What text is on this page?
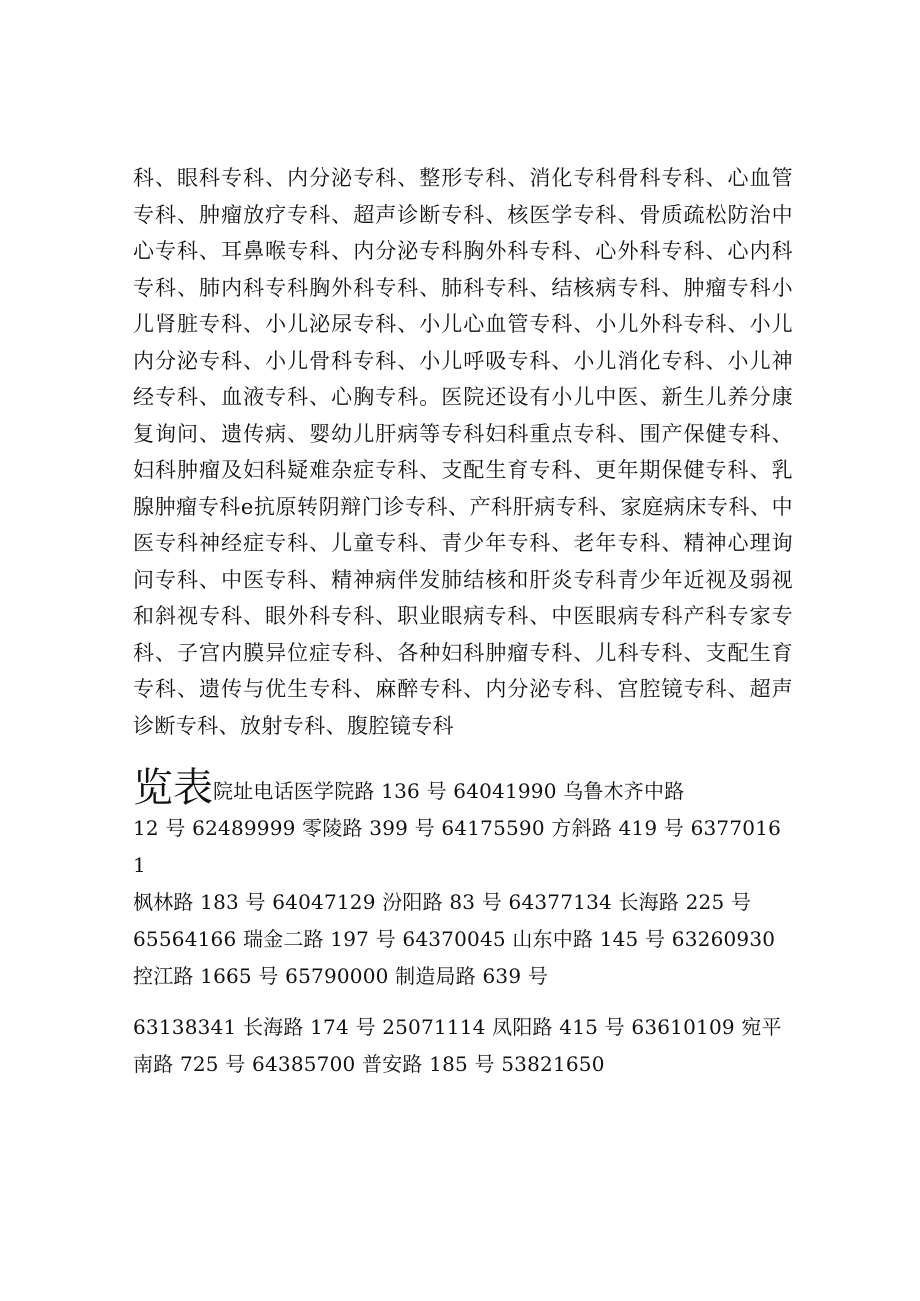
科、眼科专科、内分泌专科、整形专科、消化专科骨科专科、心血管专科、肿瘤放疗专科、超声诊断专科、核医学专科、骨质疏松防治中心专科、耳鼻喉专科、内分泌专科胸外科专科、心外科专科、心内科专科、肺内科专科胸外科专科、肺科专科、结核病专科、肿瘤专科小儿肾脏专科、小儿泌尿专科、小儿心血管专科、小儿外科专科、小儿内分泌专科、小儿骨科专科、小儿呼吸专科、小儿消化专科、小儿神经专科、血液专科、心胸专科。医院还设有小儿中医、新生儿养分康复询问、遗传病、婴幼儿肝病等专科妇科重点专科、围产保健专科、妇科肿瘤及妇科疑难杂症专科、支配生育专科、更年期保健专科、乳腺肿瘤专科e抗原转阴辩门诊专科、产科肝病专科、家庭病床专科、中医专科神经症专科、儿童专科、青少年专科、老年专科、精神心理询问专科、中医专科、精神病伴发肺结核和肝炎专科青少年近视及弱视和斜视专科、眼外科专科、职业眼病专科、中医眼病专科产科专家专科、子宫内膜异位症专科、各种妇科肿瘤专科、儿科专科、支配生育专科、遗传与优生专科、麻醉专科、内分泌专科、宫腔镜专科、超声诊断专科、放射专科、腹腔镜专科

览表院址电话医学院路 136 号 64041990 乌鲁木齐中路
12 号 62489999 零陵路 399 号 64175590 方斜路 419 号 63770161
枫林路 183 号 64047129 汾阳路 83 号 64377134 长海路 225 号
65564166 瑞金二路 197 号 64370045 山东中路 145 号 63260930
控江路 1665 号 65790000 制造局路 639 号
63138341 长海路 174 号 25071114 凤阳路 415 号 63610109 宛平
南路 725 号 64385700 普安路 185 号 53821650
